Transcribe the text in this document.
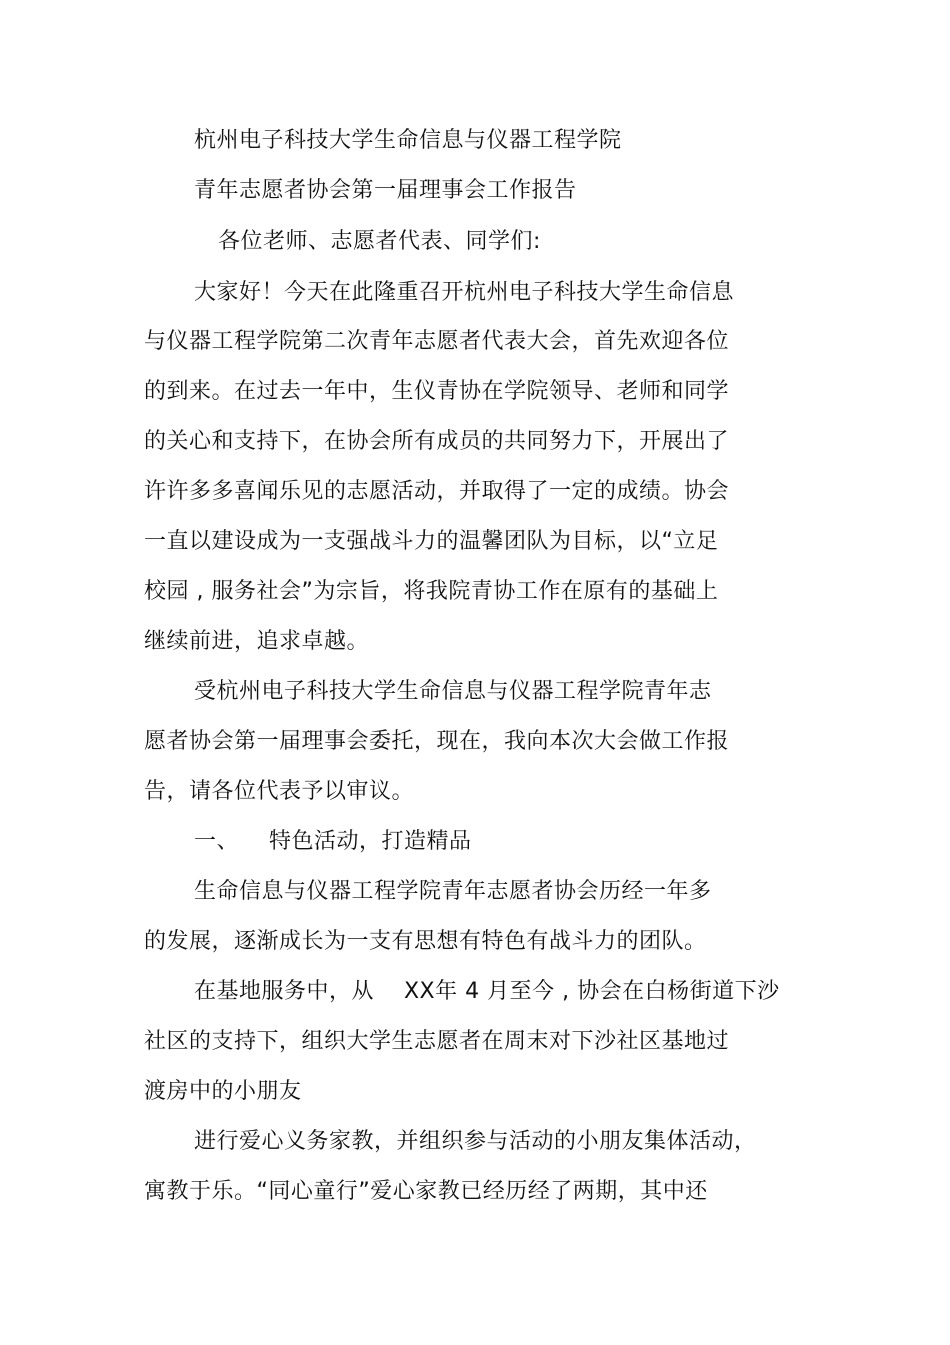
杭州电子科技大学生命信息与仪器工程学院
青年志愿者协会第一届理事会工作报告
各位老师、志愿者代表、同学们:
大家好！今天在此隆重召开杭州电子科技大学生命信息
与仪器工程学院第二次青年志愿者代表大会，首先欢迎各位
的到来。在过去一年中，生仪青协在学院领导、老师和同学
的关心和支持下，在协会所有成员的共同努力下，开展出了
许许多多喜闻乐见的志愿活动，并取得了一定的成绩。协会
一直以建设成为一支强战斗力的温馨团队为目标，以“立足
校园 , 服务社会”为宗旨，将我院青协工作在原有的基础上
继续前进，追求卓越。
受杭州电子科技大学生命信息与仪器工程学院青年志
愿者协会第一届理事会委托，现在，我向本次大会做工作报
告，请各位代表予以审议。
一、    特色活动，打造精品
生命信息与仪器工程学院青年志愿者协会历经一年多
的发展，逐渐成长为一支有思想有特色有战斗力的团队。
在基地服务中，从    XX年 4 月至今 , 协会在白杨街道下沙
社区的支持下，组织大学生志愿者在周末对下沙社区基地过
渡房中的小朋友
进行爱心义务家教，并组织参与活动的小朋友集体活动，
寓教于乐。“同心童行”爱心家教已经历经了两期，其中还
